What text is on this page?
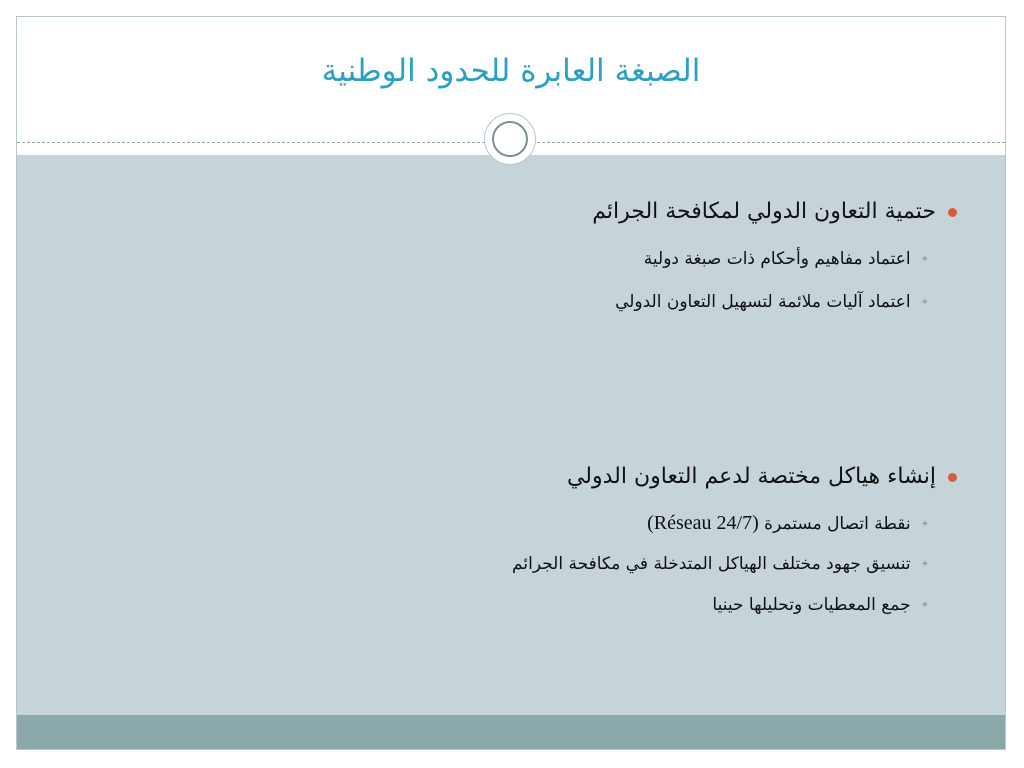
الصبغة العابرة للحدود الوطنية
حتمية التعاون الدولي لمكافحة الجرائم
✦اعتماد مفاهيم وأحكام ذات صبغة دولية
✦اعتماد آليات ملائمة لتسهيل التعاون الدولي
إنشاء هياكل مختصة لدعم التعاون الدولي
✦نقطة اتصال مستمرة (Réseau 24/7)
✦تنسيق جهود مختلف الهياكل المتدخلة في مكافحة الجرائم
✦جمع المعطيات وتحليلها حينيا
